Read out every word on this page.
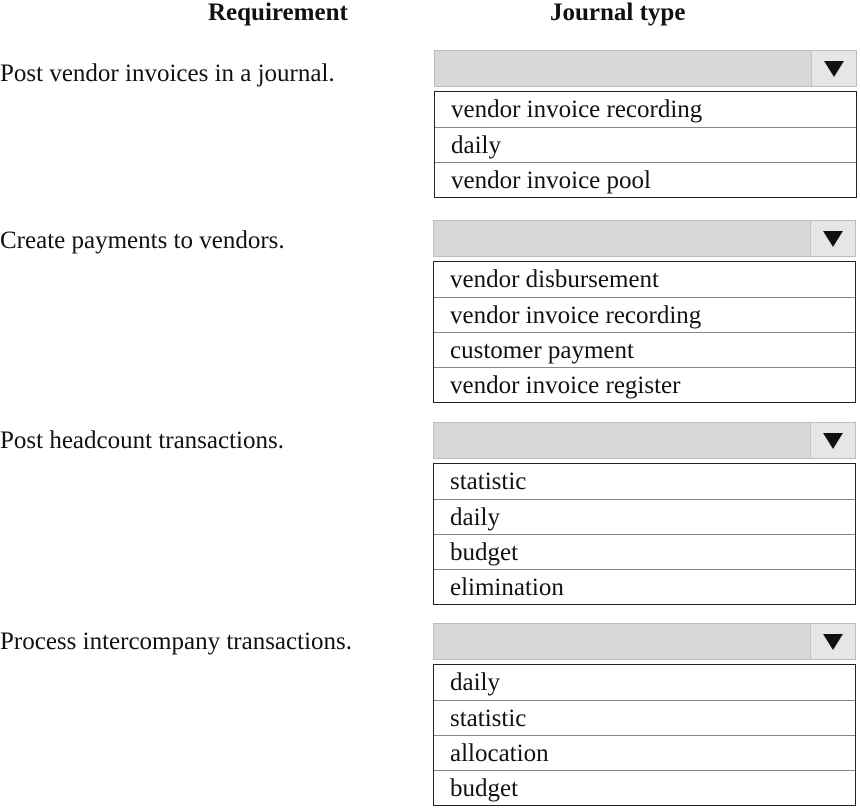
Requirement	Journal type
Post vendor invoices in a journal.
vendor invoice recording
daily
vendor invoice pool
Create payments to vendors.
vendor disbursement
vendor invoice recording
customer payment
vendor invoice register
Post headcount transactions.
statistic
daily
budget
elimination
Process intercompany transactions.
daily
statistic
allocation
budget
